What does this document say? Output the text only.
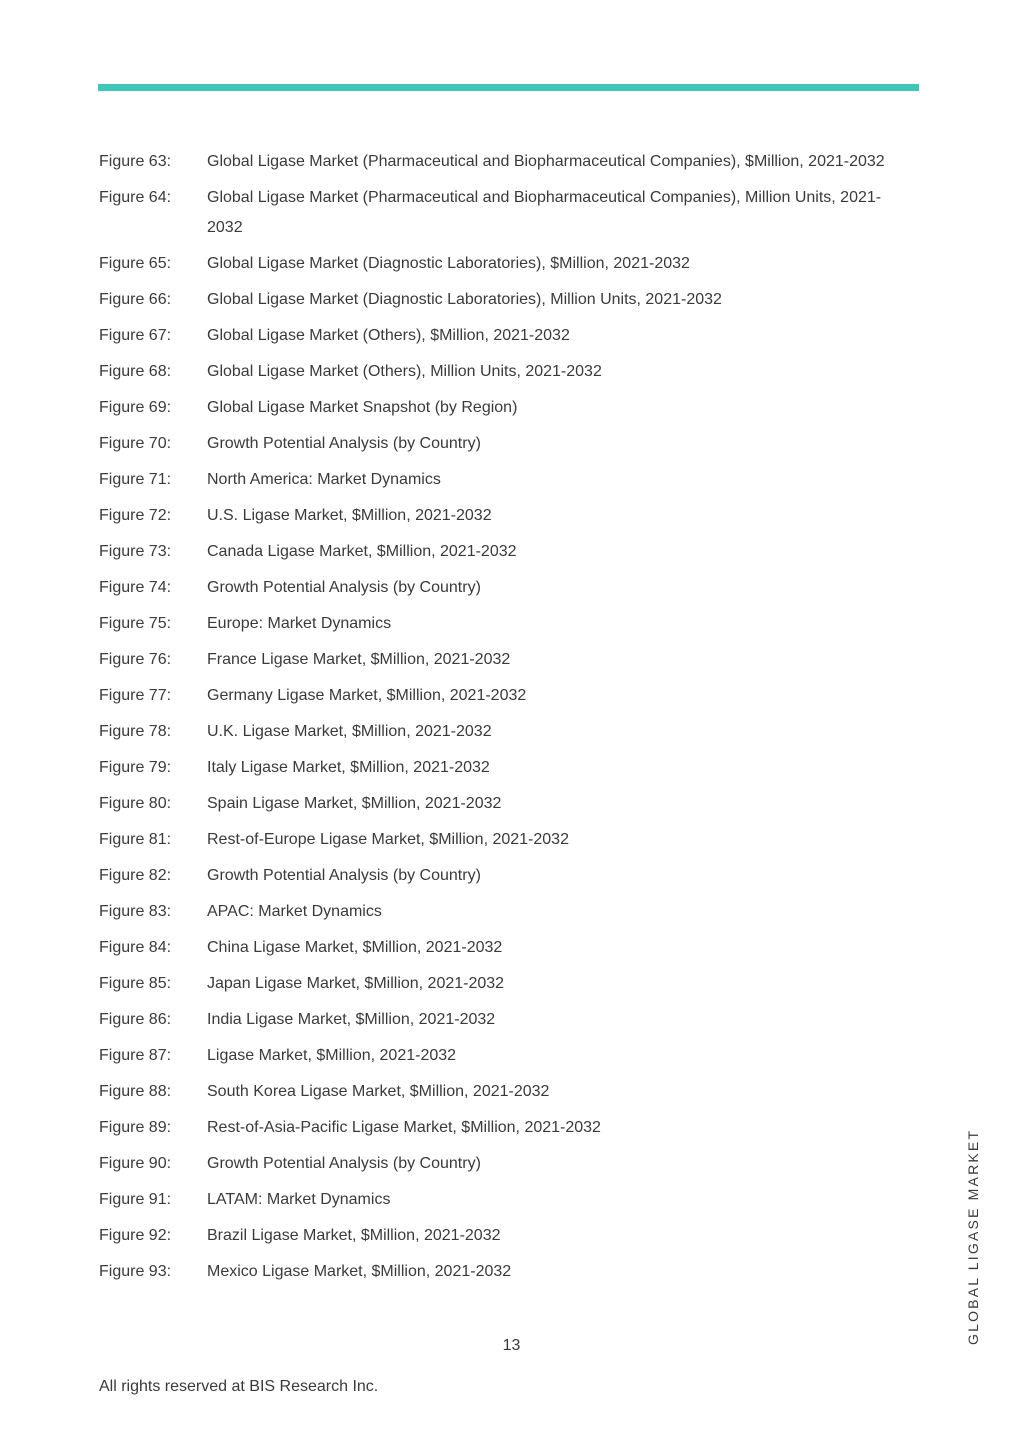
Figure 63:	Global Ligase Market (Pharmaceutical and Biopharmaceutical Companies), $Million, 2021-2032
Figure 64:	Global Ligase Market (Pharmaceutical and Biopharmaceutical Companies), Million Units, 2021-2032
Figure 65:	Global Ligase Market (Diagnostic Laboratories), $Million, 2021-2032
Figure 66:	Global Ligase Market (Diagnostic Laboratories), Million Units, 2021-2032
Figure 67:	Global Ligase Market (Others), $Million, 2021-2032
Figure 68:	Global Ligase Market (Others), Million Units, 2021-2032
Figure 69:	Global Ligase Market Snapshot (by Region)
Figure 70:	Growth Potential Analysis (by Country)
Figure 71:	North America: Market Dynamics
Figure 72:	U.S. Ligase Market, $Million, 2021-2032
Figure 73:	Canada Ligase Market, $Million, 2021-2032
Figure 74:	Growth Potential Analysis (by Country)
Figure 75:	Europe: Market Dynamics
Figure 76:	France Ligase Market, $Million, 2021-2032
Figure 77:	Germany Ligase Market, $Million, 2021-2032
Figure 78:	U.K. Ligase Market, $Million, 2021-2032
Figure 79:	Italy Ligase Market, $Million, 2021-2032
Figure 80:	Spain Ligase Market, $Million, 2021-2032
Figure 81:	Rest-of-Europe Ligase Market, $Million, 2021-2032
Figure 82:	Growth Potential Analysis (by Country)
Figure 83:	APAC: Market Dynamics
Figure 84:	China Ligase Market, $Million, 2021-2032
Figure 85:	Japan Ligase Market, $Million, 2021-2032
Figure 86:	India Ligase Market, $Million, 2021-2032
Figure 87:	Ligase Market, $Million, 2021-2032
Figure 88:	South Korea Ligase Market, $Million, 2021-2032
Figure 89:	Rest-of-Asia-Pacific Ligase Market, $Million, 2021-2032
Figure 90:	Growth Potential Analysis (by Country)
Figure 91:	LATAM: Market Dynamics
Figure 92:	Brazil Ligase Market, $Million, 2021-2032
Figure 93:	Mexico Ligase Market, $Million, 2021-2032
13
All rights reserved at BIS Research Inc.
GLOBAL LIGASE MARKET
